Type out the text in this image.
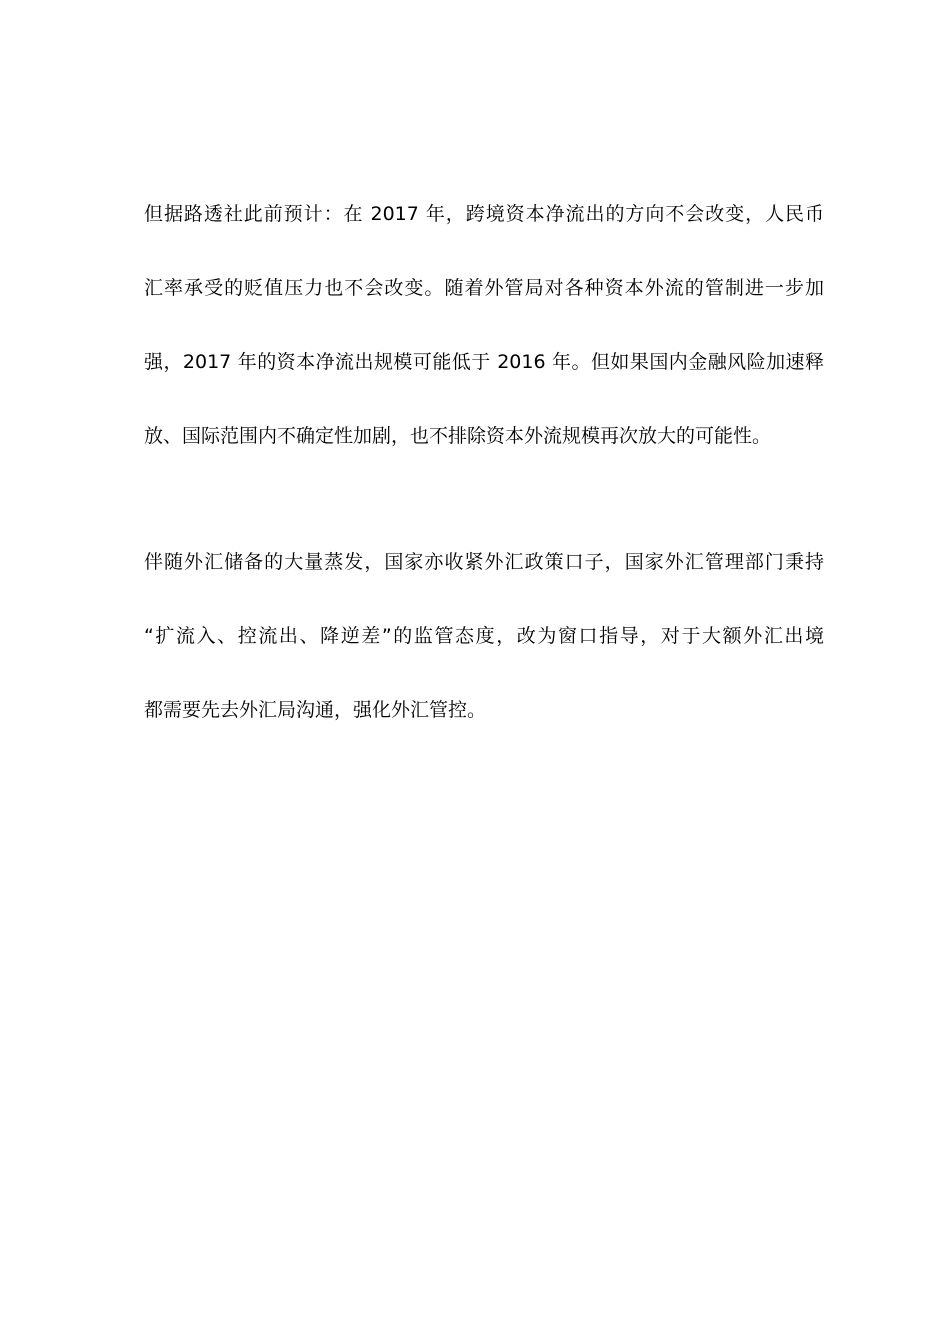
但据路透社此前预计：在 2017 年，跨境资本净流出的方向不会改变，人民币
汇率承受的贬值压力也不会改变。随着外管局对各种资本外流的管制进一步加
强，2017 年的资本净流出规模可能低于 2016 年。但如果国内金融风险加速释
放、国际范围内不确定性加剧，也不排除资本外流规模再次放大的可能性。
伴随外汇储备的大量蒸发，国家亦收紧外汇政策口子，国家外汇管理部门秉持
“扩流入、控流出、降逆差”的监管态度，改为窗口指导，对于大额外汇出境
都需要先去外汇局沟通，强化外汇管控。
